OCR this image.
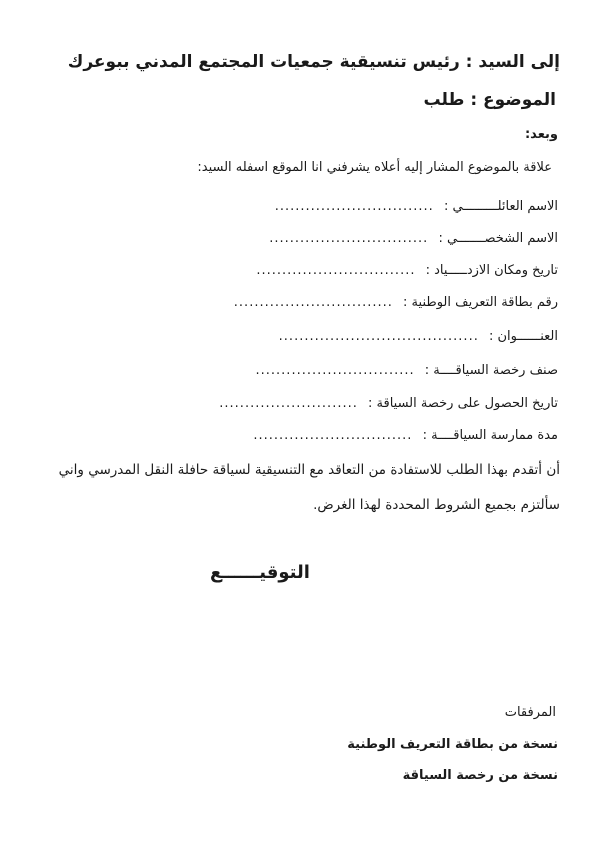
إلى السيد : رئيس تنسيقية جمعيات المجتمع المدني ببوعرك
الموضوع : طلب
وبعد:
علاقة بالموضوع المشار إليه أعلاه يشرفني انا الموقع اسفله السيد:
الاسم العائلـــــــــي : ...............................
الاسم الشخصـــــــي : ...............................
تاريخ ومكان الازدـــــياد : ...............................
رقم بطاقة التعريف الوطنية : ...............................
العنــــــوان : .......................................
صنف رخصة السياقــــة : ...............................
تاريخ الحصول على رخصة السياقة : ...........................
مدة ممارسة السياقــــة : ...............................
أن أتقدم بهذا الطلب للاستفادة من التعاقد مع التنسيقية لسياقة حافلة النقل المدرسي واني
سألتزم بجميع الشروط المحددة لهذا الغرض.
التوقيــــــع
المرفقات
نسخة من بطاقة التعريف الوطنية
نسخة من رخصة السياقة
